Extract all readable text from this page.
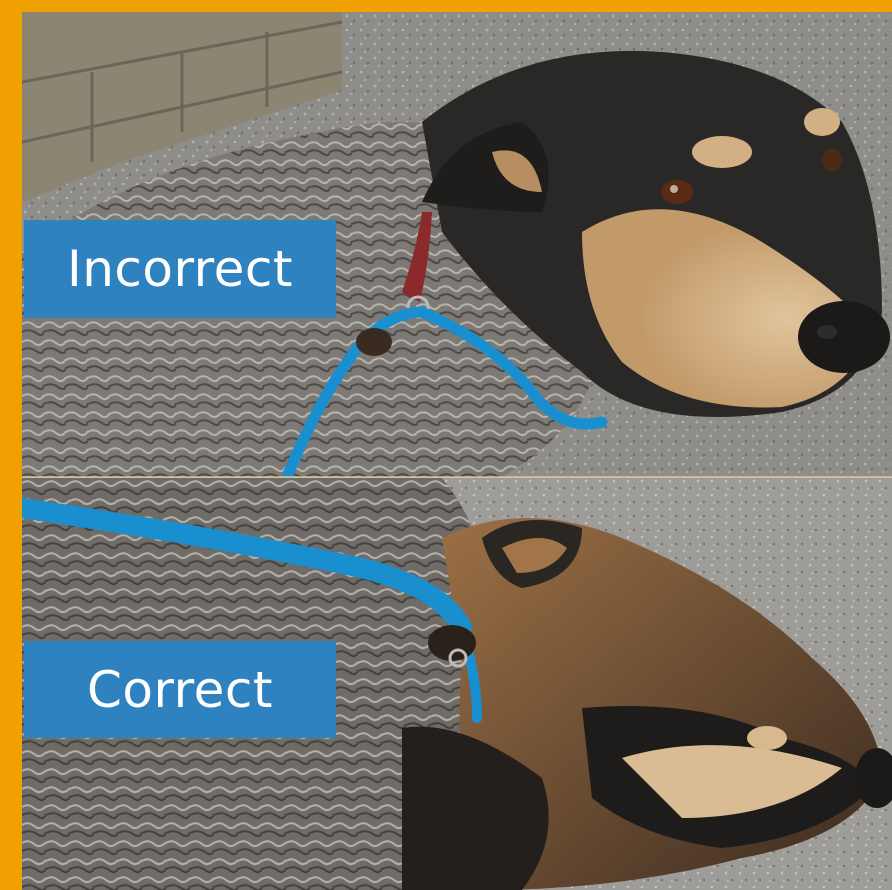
Incorrect
Correct
